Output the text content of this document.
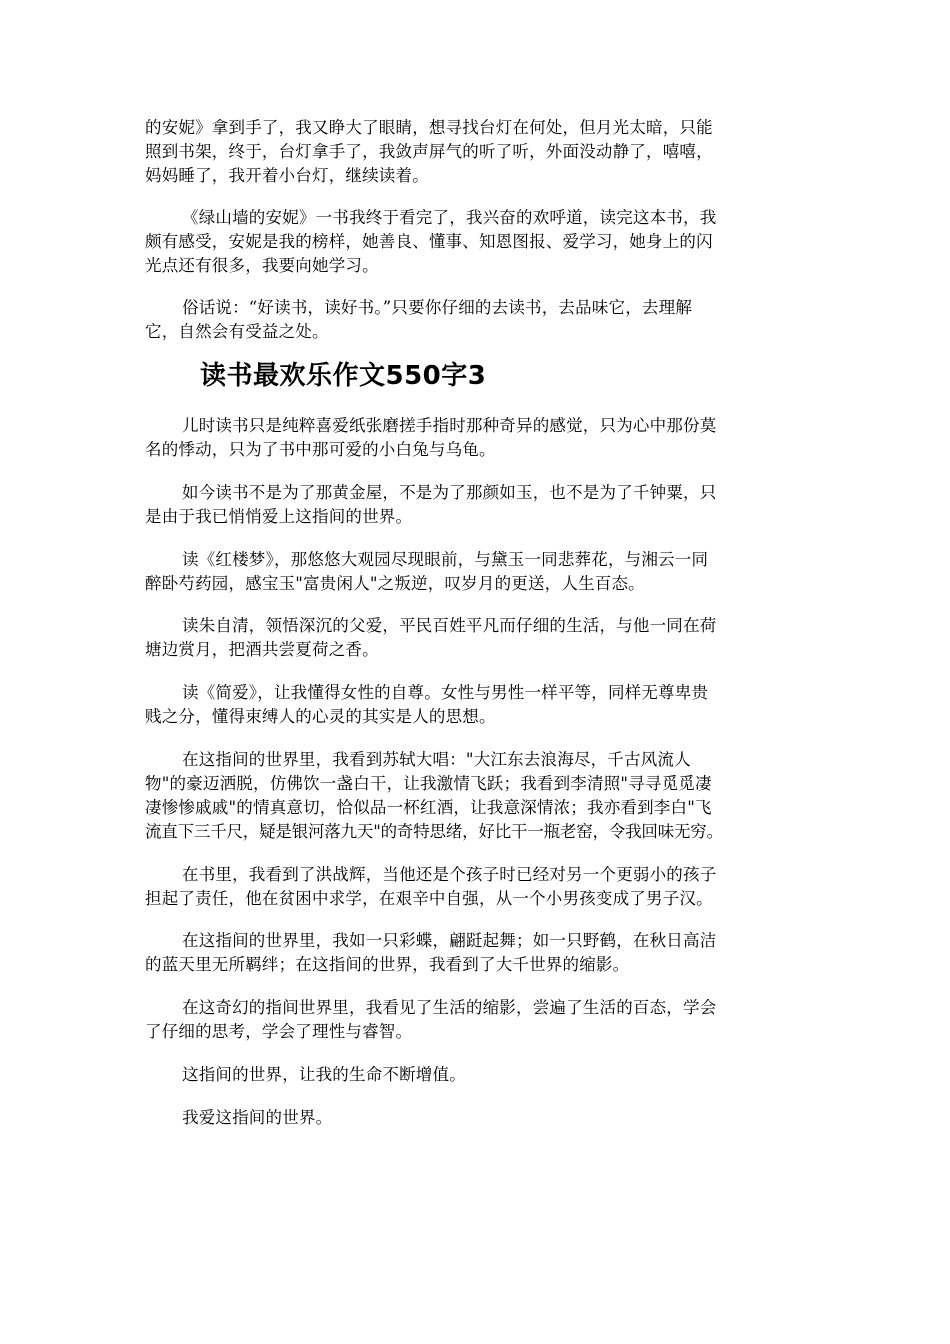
的安妮》拿到手了，我又睁大了眼睛，想寻找台灯在何处，但月光太暗，只能
照到书架，终于，台灯拿手了，我敛声屏气的听了听，外面没动静了，嘻嘻，
妈妈睡了，我开着小台灯，继续读着。
《绿山墙的安妮》一书我终于看完了，我兴奋的欢呼道，读完这本书，我
颇有感受，安妮是我的榜样，她善良、懂事、知恩图报、爱学习，她身上的闪
光点还有很多，我要向她学习。
俗话说：“好读书，读好书。”只要你仔细的去读书，去品味它，去理解
它，自然会有受益之处。
读书最欢乐作文550字3
儿时读书只是纯粹喜爱纸张磨搓手指时那种奇异的感觉，只为心中那份莫
名的悸动，只为了书中那可爱的小白兔与乌龟。
如今读书不是为了那黄金屋，不是为了那颜如玉，也不是为了千钟粟，只
是由于我已悄悄爱上这指间的世界。
读《红楼梦》，那悠悠大观园尽现眼前，与黛玉一同悲葬花，与湘云一同
醉卧芍药园，感宝玉"富贵闲人"之叛逆，叹岁月的更送，人生百态。
读朱自清，领悟深沉的父爱，平民百姓平凡而仔细的生活，与他一同在荷
塘边赏月，把酒共尝夏荷之香。
读《简爱》，让我懂得女性的自尊。女性与男性一样平等，同样无尊卑贵
贱之分，懂得束缚人的心灵的其实是人的思想。
在这指间的世界里，我看到苏轼大唱："大江东去浪海尽，千古风流人
物"的豪迈洒脱，仿佛饮一盏白干，让我激情飞跃；我看到李清照"寻寻觅觅凄
凄惨惨戚戚"的情真意切，恰似品一杯红酒，让我意深情浓；我亦看到李白"飞
流直下三千尺，疑是银河落九天"的奇特思绪，好比干一瓶老窑，令我回味无穷。
在书里，我看到了洪战辉，当他还是个孩子时已经对另一个更弱小的孩子
担起了责任，他在贫困中求学，在艰辛中自强，从一个小男孩变成了男子汉。
在这指间的世界里，我如一只彩蝶，翩跹起舞；如一只野鹤，在秋日高洁
的蓝天里无所羁绊；在这指间的世界，我看到了大千世界的缩影。
在这奇幻的指间世界里，我看见了生活的缩影，尝遍了生活的百态，学会
了仔细的思考，学会了理性与睿智。
这指间的世界，让我的生命不断增值。
我爱这指间的世界。
